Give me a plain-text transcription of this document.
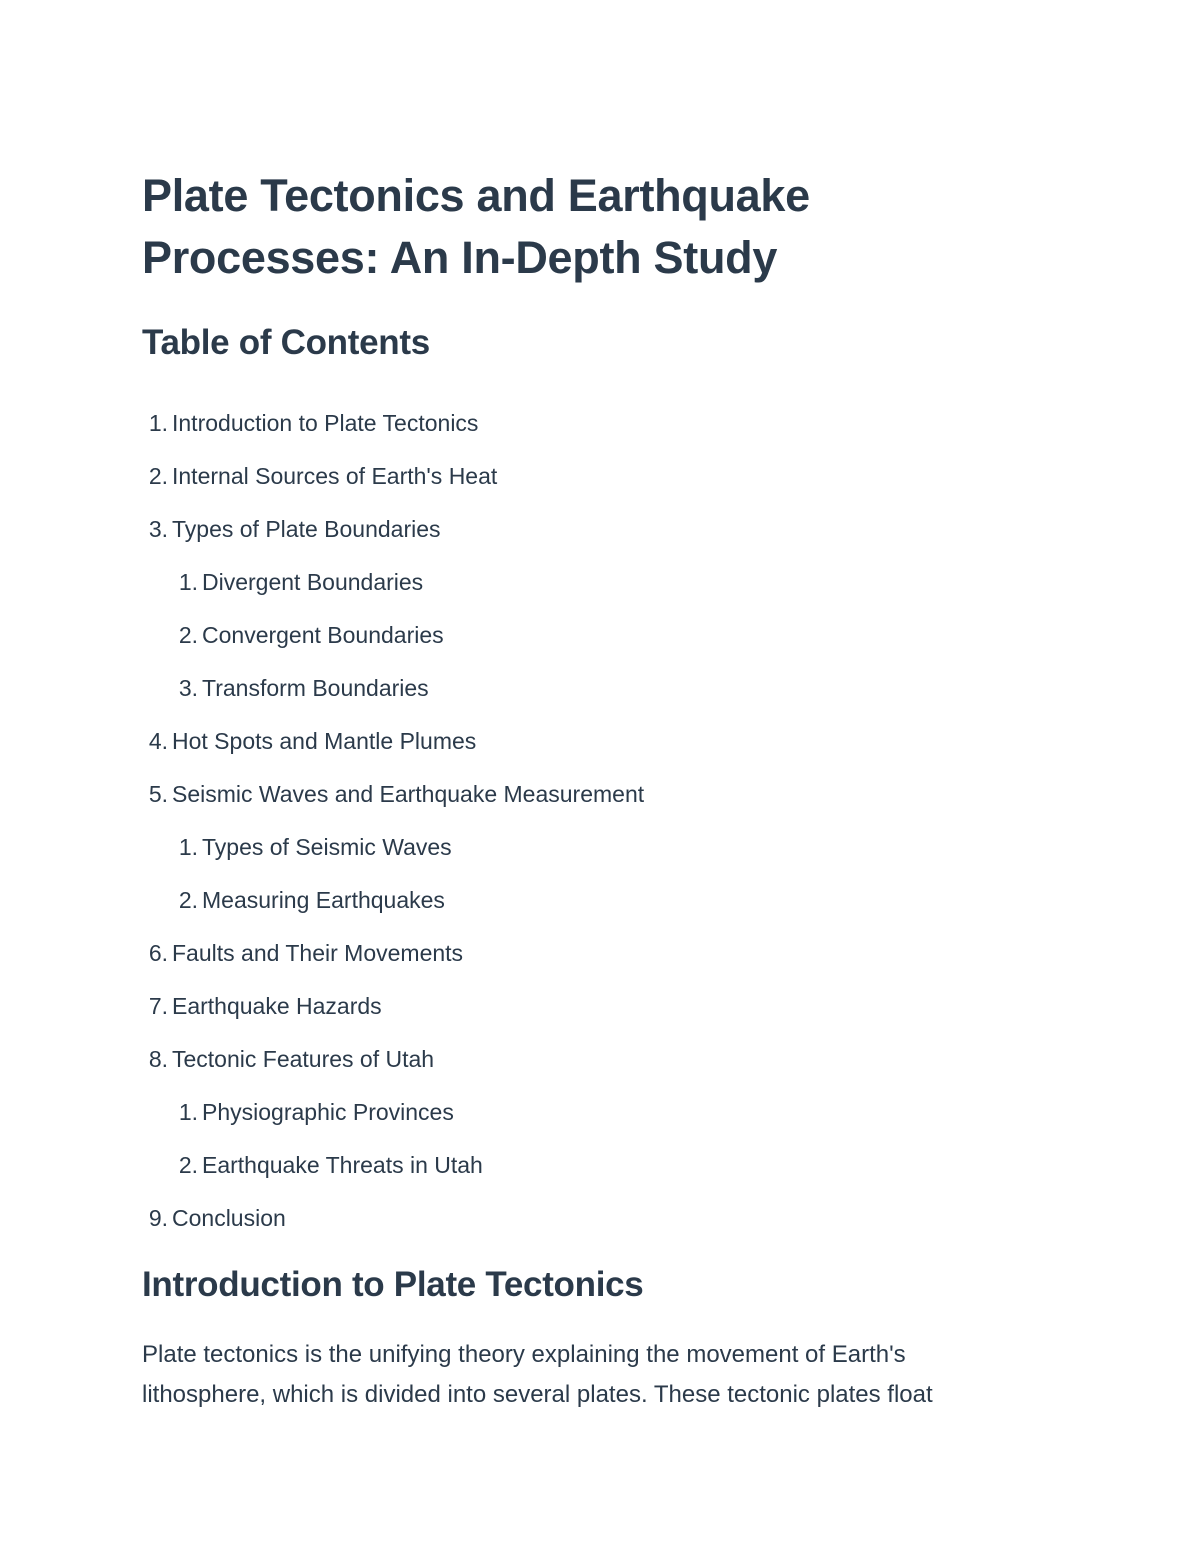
Plate Tectonics and Earthquake
Processes: An In-Depth Study
Table of Contents
1. Introduction to Plate Tectonics
2. Internal Sources of Earth's Heat
3. Types of Plate Boundaries
1. Divergent Boundaries
2. Convergent Boundaries
3. Transform Boundaries
4. Hot Spots and Mantle Plumes
5. Seismic Waves and Earthquake Measurement
1. Types of Seismic Waves
2. Measuring Earthquakes
6. Faults and Their Movements
7. Earthquake Hazards
8. Tectonic Features of Utah
1. Physiographic Provinces
2. Earthquake Threats in Utah
9. Conclusion
Introduction to Plate Tectonics

Plate tectonics is the unifying theory explaining the movement of Earth's
lithosphere, which is divided into several plates. These tectonic plates float
